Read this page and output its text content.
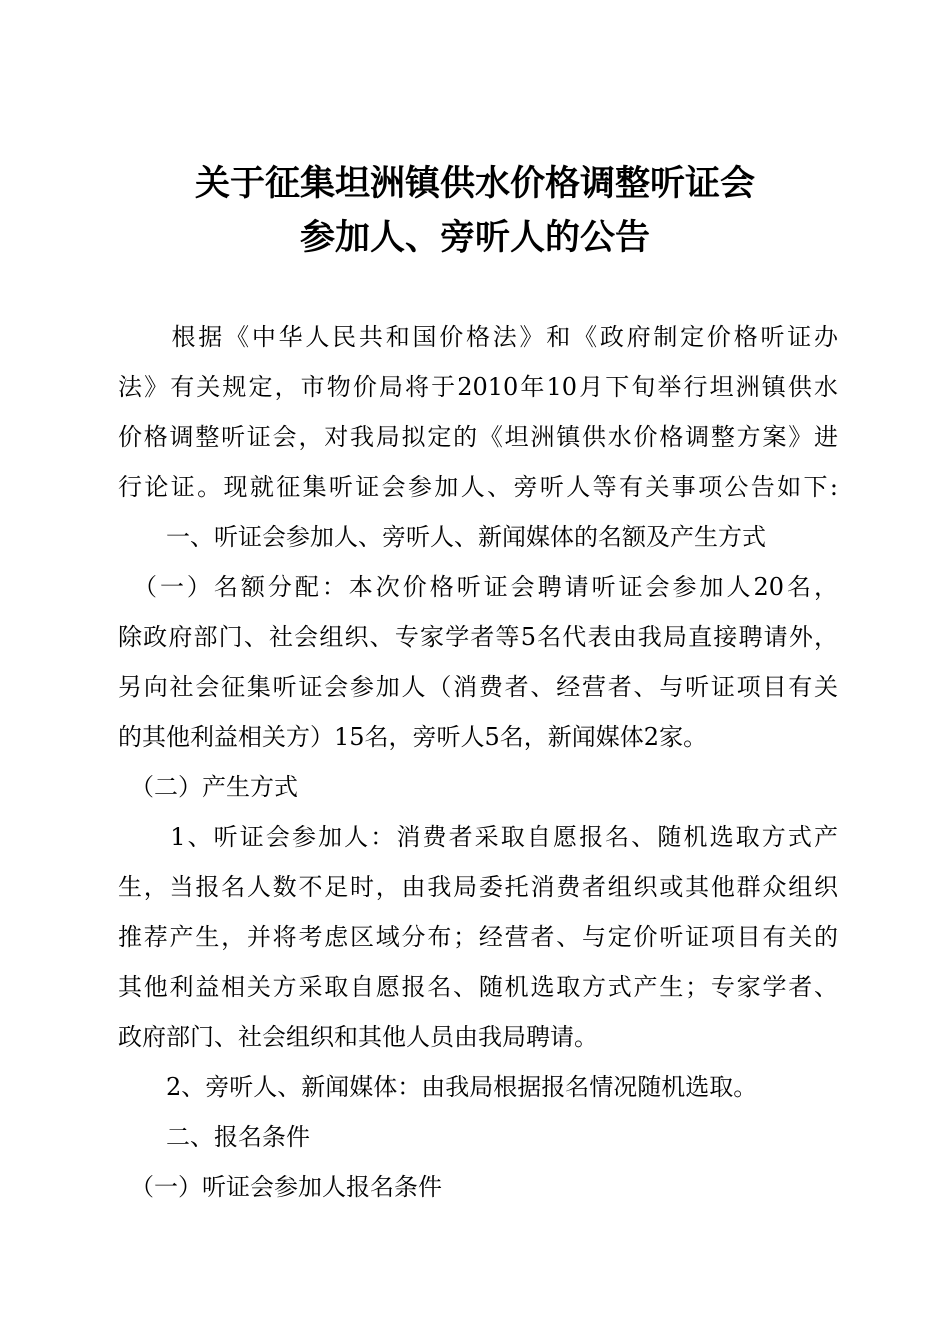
关于征集坦洲镇供水价格调整听证会
参加人、旁听人的公告
　　根据《中华人民共和国价格法》和《政府制定价格听证办
法》有关规定，市物价局将于2010年10月下旬举行坦洲镇供水
价格调整听证会，对我局拟定的《坦洲镇供水价格调整方案》进
行论证。现就征集听证会参加人、旁听人等有关事项公告如下:
　　一、听证会参加人、旁听人、新闻媒体的名额及产生方式
　（一）名额分配：本次价格听证会聘请听证会参加人20名，
除政府部门、社会组织、专家学者等5名代表由我局直接聘请外，
另向社会征集听证会参加人（消费者、经营者、与听证项目有关
的其他利益相关方）15名，旁听人5名，新闻媒体2家。
　（二）产生方式
　　1、听证会参加人：消费者采取自愿报名、随机选取方式产
生，当报名人数不足时，由我局委托消费者组织或其他群众组织
推荐产生，并将考虑区域分布；经营者、与定价听证项目有关的
其他利益相关方采取自愿报名、随机选取方式产生；专家学者、
政府部门、社会组织和其他人员由我局聘请。
　　2、旁听人、新闻媒体：由我局根据报名情况随机选取。
　　二、报名条件
　（一）听证会参加人报名条件
